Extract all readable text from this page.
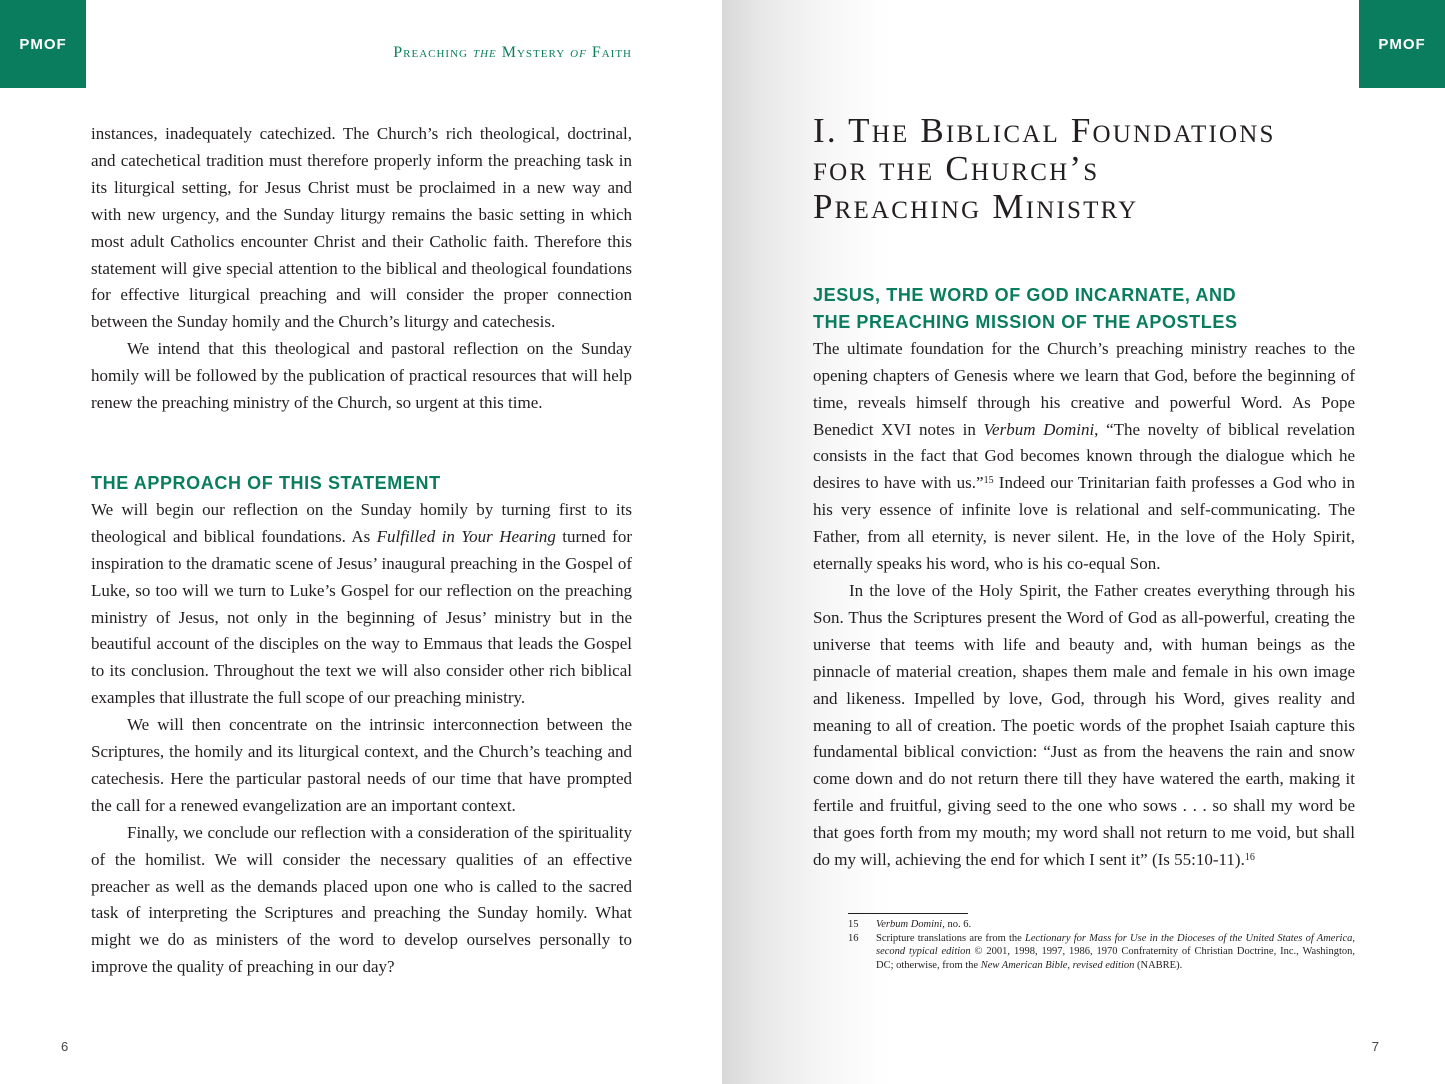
PMOF	Preaching the Mystery of Faith

instances, inadequately catechized. The Church’s rich theological, doctrinal, and catechetical tradition must therefore properly inform the preaching task in its liturgical setting, for Jesus Christ must be proclaimed in a new way and with new urgency, and the Sunday liturgy remains the basic setting in which most adult Catholics encounter Christ and their Catholic faith. Therefore this statement will give special attention to the biblical and theological foundations for effective liturgical preaching and will consider the proper connection between the Sunday homily and the Church’s liturgy and catechesis.

We intend that this theological and pastoral reflection on the Sunday homily will be followed by the publication of practical resources that will help renew the preaching ministry of the Church, so urgent at this time.

THE APPROACH OF THIS STATEMENT

We will begin our reflection on the Sunday homily by turning first to its theological and biblical foundations. As Fulfilled in Your Hearing turned for inspiration to the dramatic scene of Jesus’ inaugural preaching in the Gospel of Luke, so too will we turn to Luke’s Gospel for our reflection on the preaching ministry of Jesus, not only in the beginning of Jesus’ ministry but in the beautiful account of the disciples on the way to Emmaus that leads the Gospel to its conclusion. Throughout the text we will also consider other rich biblical examples that illustrate the full scope of our preaching ministry.

We will then concentrate on the intrinsic interconnection between the Scriptures, the homily and its liturgical context, and the Church’s teaching and catechesis. Here the particular pastoral needs of our time that have prompted the call for a renewed evangelization are an important context.

Finally, we conclude our reflection with a consideration of the spirituality of the homilist. We will consider the necessary qualities of an effective preacher as well as the demands placed upon one who is called to the sacred task of interpreting the Scriptures and preaching the Sunday homily. What might we do as ministers of the word to develop ourselves personally to improve the quality of preaching in our day?

6
PMOF
I. The Biblical Foundations
for the Church’s
Preaching Ministry
JESUS, THE WORD OF GOD INCARNATE, AND
THE PREACHING MISSION OF THE APOSTLES

The ultimate foundation for the Church’s preaching ministry reaches to the opening chapters of Genesis where we learn that God, before the beginning of time, reveals himself through his creative and powerful Word. As Pope Benedict XVI notes in Verbum Domini, “The novelty of biblical revelation consists in the fact that God becomes known through the dialogue which he desires to have with us.”$^{15}$ Indeed our Trinitarian faith professes a God who in his very essence of infinite love is relational and self-communicating. The Father, from all eternity, is never silent. He, in the love of the Holy Spirit, eternally speaks his word, who is his co-equal Son.

In the love of the Holy Spirit, the Father creates everything through his Son. Thus the Scriptures present the Word of God as all-powerful, creating the universe that teems with life and beauty and, with human beings as the pinnacle of material creation, shapes them male and female in his own image and likeness. Impelled by love, God, through his Word, gives reality and meaning to all of creation. The poetic words of the prophet Isaiah capture this fundamental biblical conviction: “Just as from the heavens the rain and snow come down and do not return there till they have watered the earth, making it fertile and fruitful, giving seed to the one who sows . . . so shall my word be that goes forth from my mouth; my word shall not return to me void, but shall do my will, achieving the end for which I sent it” (Is 55:10-11).$^{16}$

15	Verbum Domini, no. 6.
16	Scripture translations are from the Lectionary for Mass for Use in the Dioceses of the United States of America, second typical edition © 2001, 1998, 1997, 1986, 1970 Confraternity of Christian Doctrine, Inc., Washington, DC; otherwise, from the New American Bible, revised edition (NABRE).
7
